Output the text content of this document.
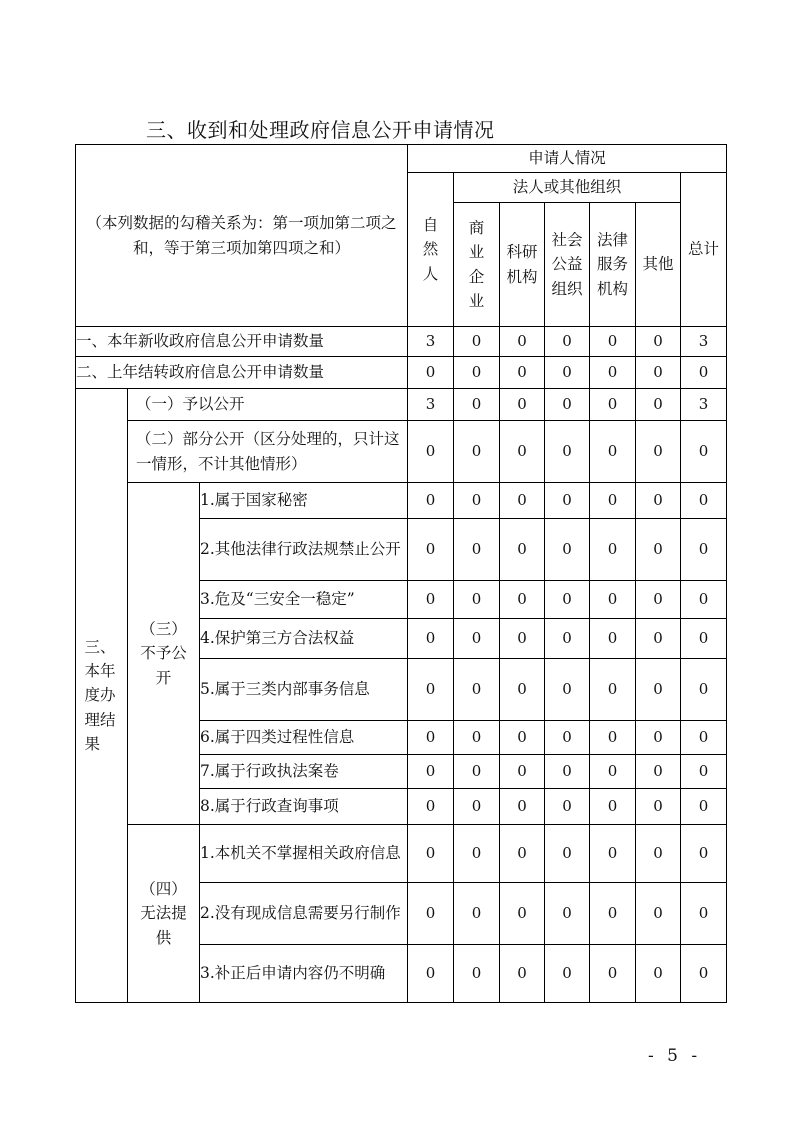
三、收到和处理政府信息公开申请情况
（本列数据的勾稽关系为：第一项加第二项之和，等于第三项加第四项之和）			申请人情况						

			自然人	法人或其他组织					总计

				商业企业	科研机构	社会公益组织	法律服务机构	其他	

一、本年新收政府信息公开申请数量			3	0	0	0	0	0	3
二、上年结转政府信息公开申请数量			0	0	0	0	0	0	0

三、本年度办理结果	（一）予以公开		3	0	0	0	0	0	3
	（二）部分公开（区分处理的，只计这一情形，不计其他情形）		0	0	0	0	0	0	0

	（三）不予公开	1.属于国家秘密	0	0	0	0	0	0	0
		2.其他法律行政法规禁止公开	0	0	0	0	0	0	0
		3.危及“三安全一稳定”	0	0	0	0	0	0	0
		4.保护第三方合法权益	0	0	0	0	0	0	0
		5.属于三类内部事务信息	0	0	0	0	0	0	0
		6.属于四类过程性信息	0	0	0	0	0	0	0
		7.属于行政执法案卷	0	0	0	0	0	0	0
		8.属于行政查询事项	0	0	0	0	0	0	0

	（四）无法提供	1.本机关不掌握相关政府信息	0	0	0	0	0	0	0
		2.没有现成信息需要另行制作	0	0	0	0	0	0	0
		3.补正后申请内容仍不明确	0	0	0	0	0	0	0
- 5 -
